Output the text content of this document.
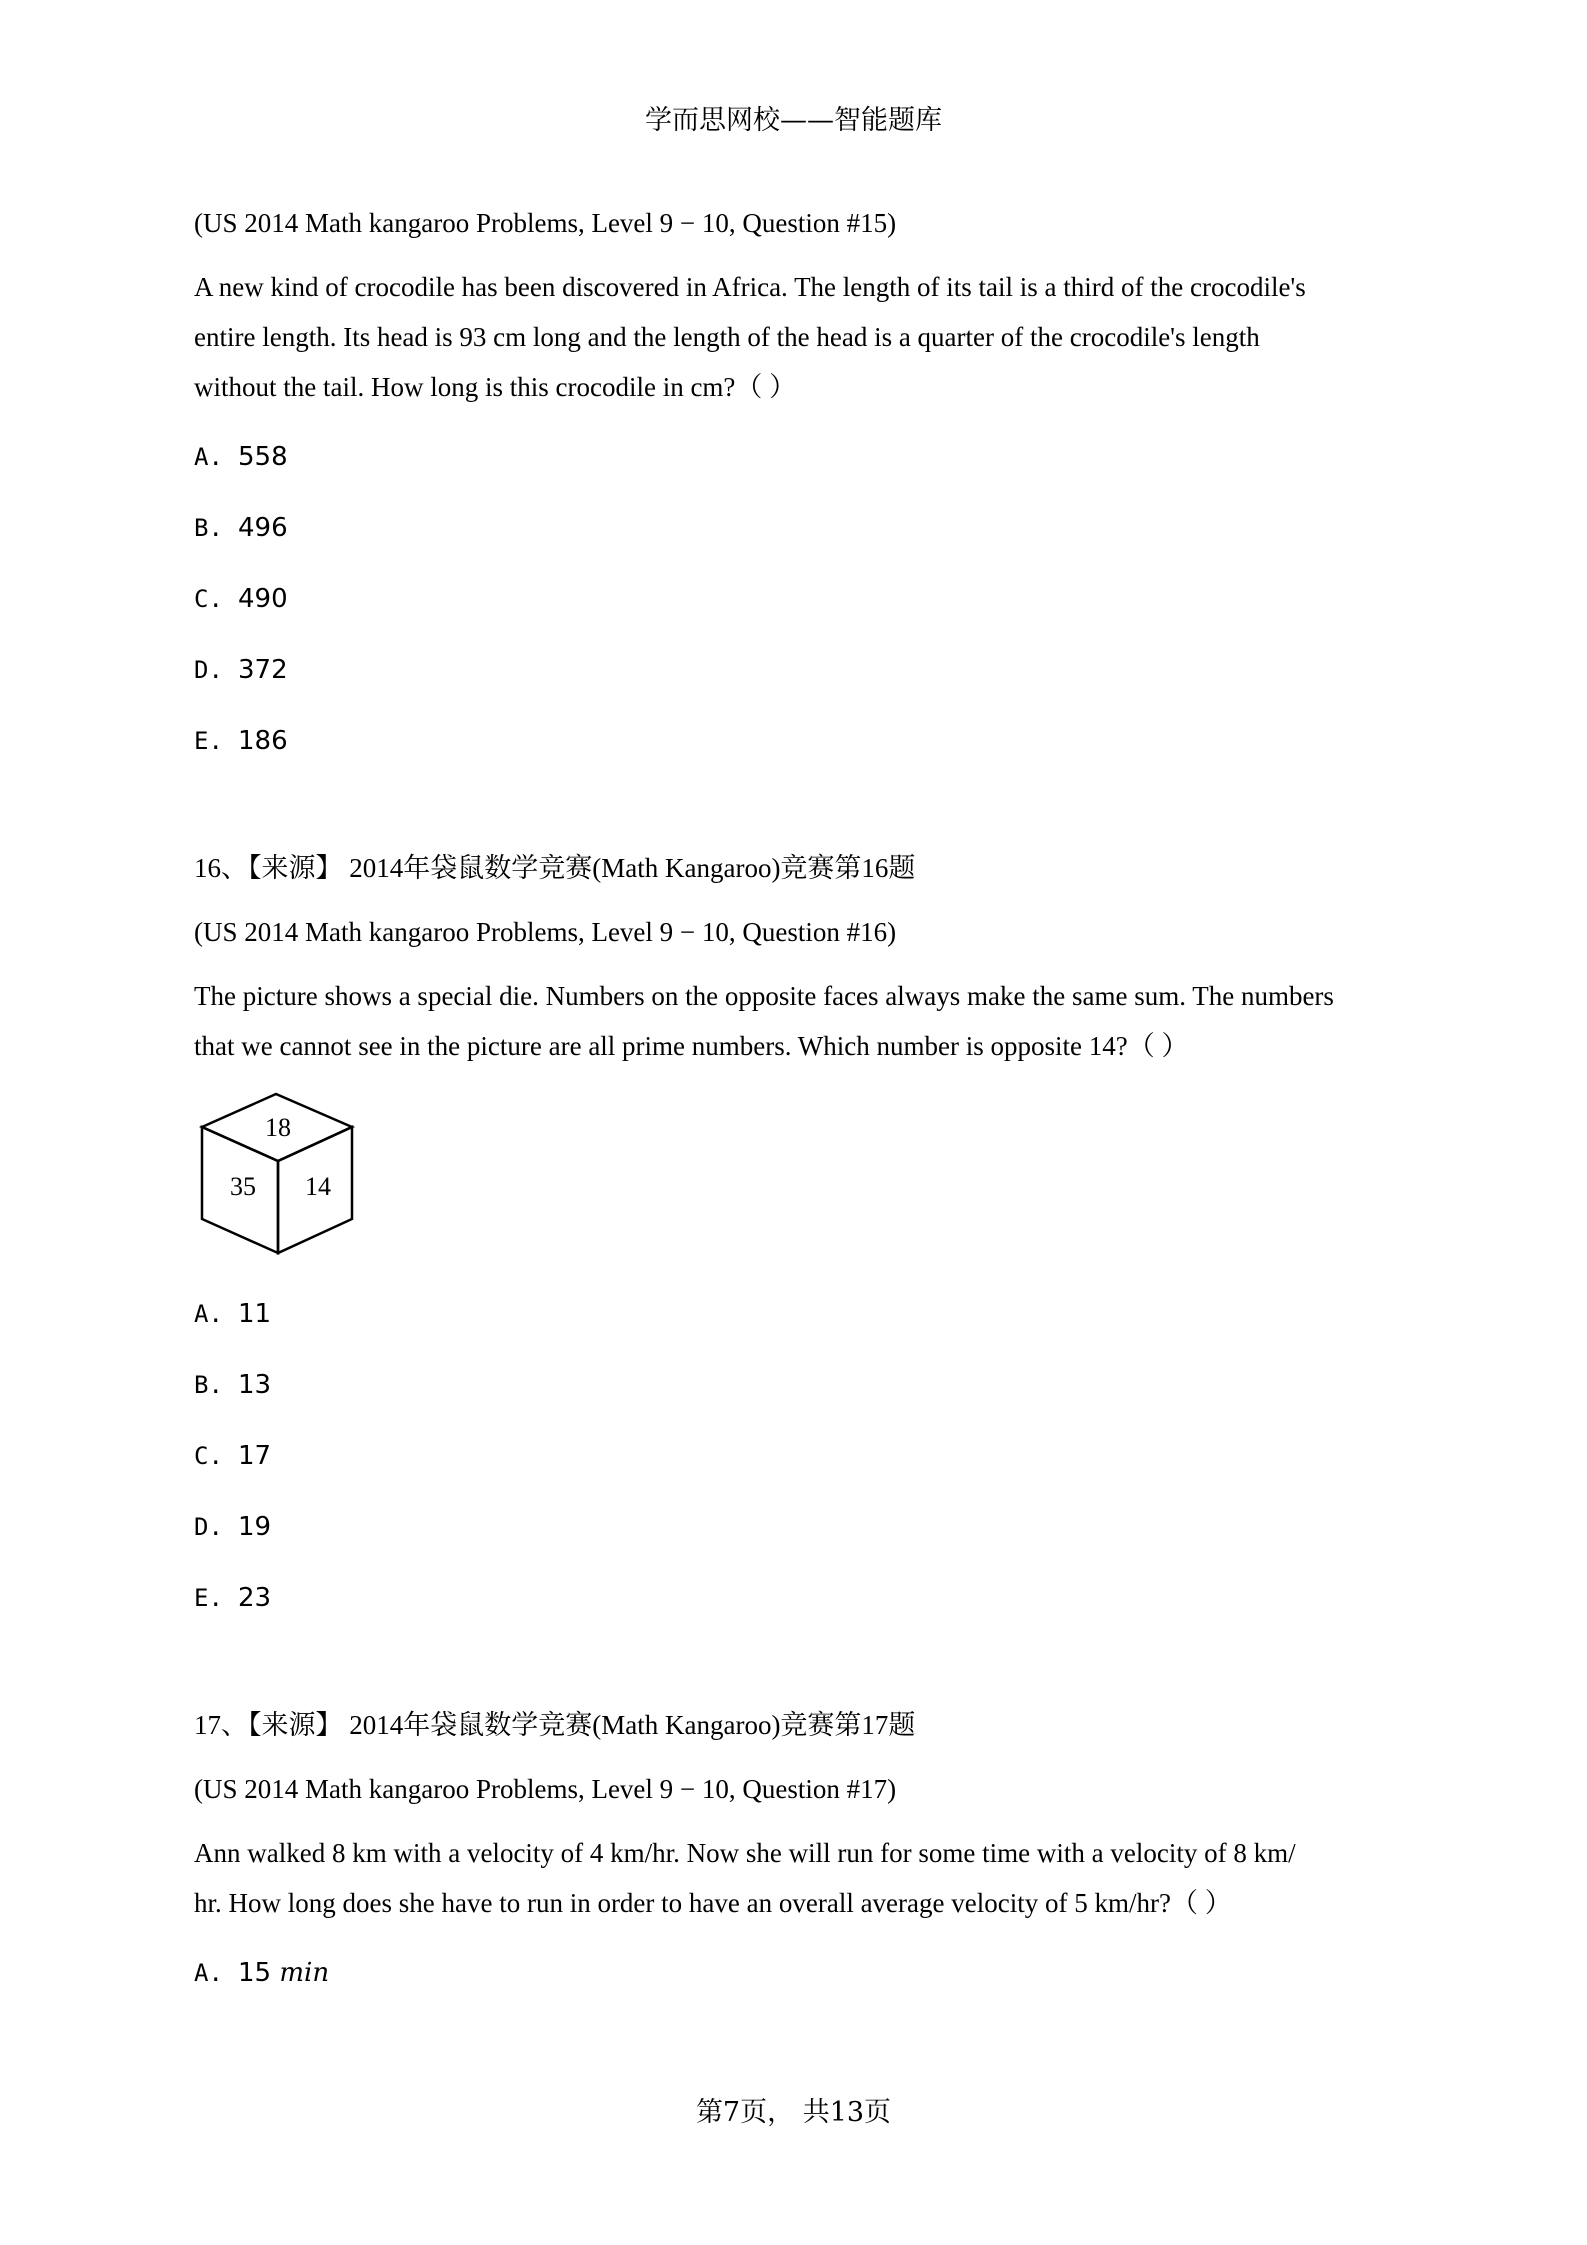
学而思网校——智能题库

(US 2014 Math kangaroo Problems, Level 9 − 10, Question #15)

A new kind of crocodile has been discovered in Africa. The length of its tail is a third of the crocodile's
entire length. Its head is 93 cm long and the length of the head is a quarter of the crocodile's length
without the tail. How long is this crocodile in cm?（ ）

A. 558

B. 496

C. 490

D. 372

E. 186

16、【来源】 2014年袋鼠数学竞赛(Math Kangaroo)竞赛第16题

(US 2014 Math kangaroo Problems, Level 9 − 10, Question #16)

The picture shows a special die. Numbers on the opposite faces always make the same sum. The numbers
that we cannot see in the picture are all prime numbers. Which number is opposite 14?（ ）
18
35 14

A. 11

B. 13

C. 17

D. 19

E. 23

17、【来源】 2014年袋鼠数学竞赛(Math Kangaroo)竞赛第17题

(US 2014 Math kangaroo Problems, Level 9 − 10, Question #17)

Ann walked 8 km with a velocity of 4 km/hr. Now she will run for some time with a velocity of 8 km/
hr. How long does she have to run in order to have an overall average velocity of 5 km/hr?（ ）

A. 15 min

第7页， 共13页
